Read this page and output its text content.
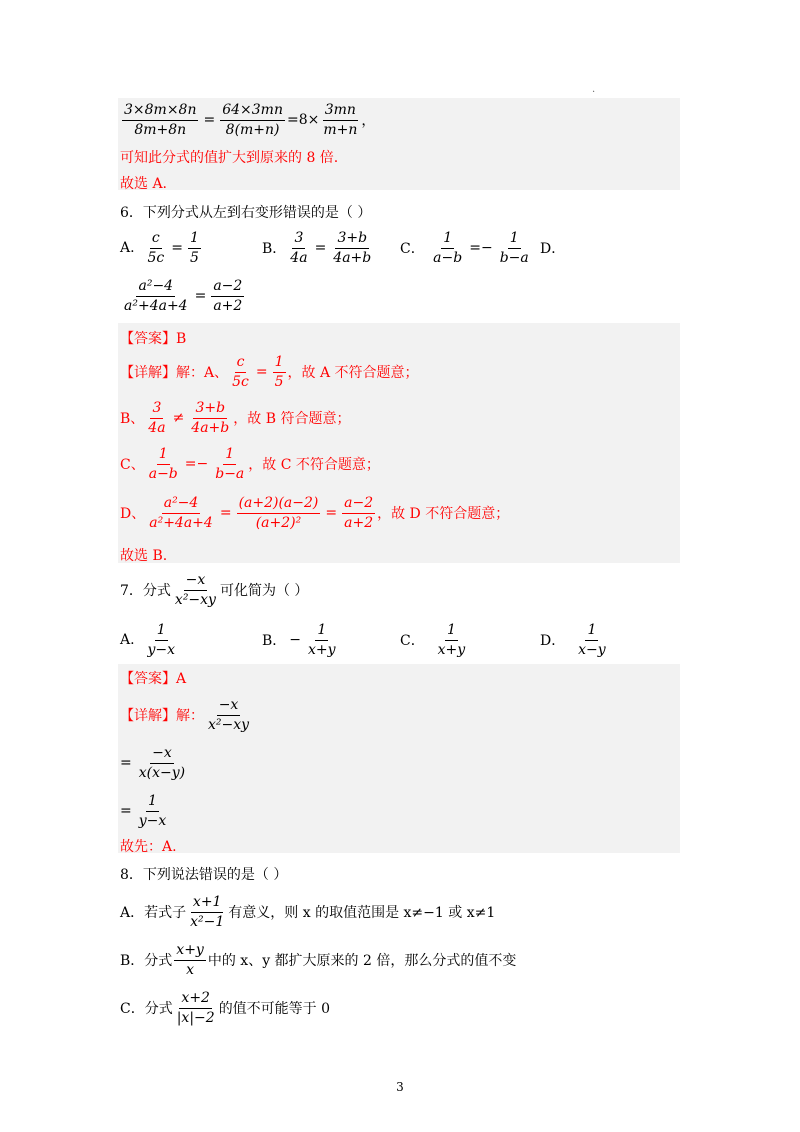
.
$\frac{3\times 8m\times 8n}{8m+8n} = \frac{64\times 3mn}{8(m+n)} =8\times \frac{3mn}{m+n}$ ，
可知此分式的值扩大到原来的 8 倍.
故选 A.
6．下列分式从左到右变形错误的是（ ）
A.
$\frac{c}{5c} = \frac{1}{5}$	B． $\frac{3}{4a} = \frac{3+b}{4a+b}$ C．
$\frac{1}{a-b} =- \frac{1}{b-a}$ D．
$\frac{\text{a²−4}}{\text{a²+4a+4}} = \frac{a-2}{a+2}$
【答案】B
【详解】 解：A、 $\frac{c}{5c} = \frac{1}{5}$ ，故 A 不符合题意；
B、 $\frac{3}{4a} \ne \frac{3+b}{4a+b}$ ，故 B 符合题意；
C、 $\frac{1}{a-b} =- \frac{1}{b-a}$ ，故 C 不符合题意；
D、 $\frac{\text{a²−4}}{\text{a²+4a+4}} = \frac{(a+2)(a-2)}{\text{(a+2)²}} = \frac{a-2}{a+2}$ ，故 D 不符合题意；
故选 B.
7．分式 $\frac{-x}{\text{x²−xy}}$ 可化简为（ ）
A.
$\frac{1}{y-x}$	B． − $\frac{1}{x+y}$	C．
$\frac{1}{x+y}$	D．
$\frac{1}{x-y}$
【答案】A
【详解】 解： $\frac{-x}{\text{x²−xy}}$
= $\frac{-x}{x(x-y)}$
= $\frac{1}{y-x}$
故先：A.
8．下列说法错误的是（ ）
A．若式子 $\frac{x+1}{\text{x²−1}}$ 有意义，则 x 的取值范围是 x≠−1 或 x≠1
B．分式 $\frac{x+y}{x}$ 中的 x、y 都扩大原来的 2 倍，那么分式的值不变
C．分式 $\frac{x+2}{|x|-2}$ 的值不可能等于 0
3
